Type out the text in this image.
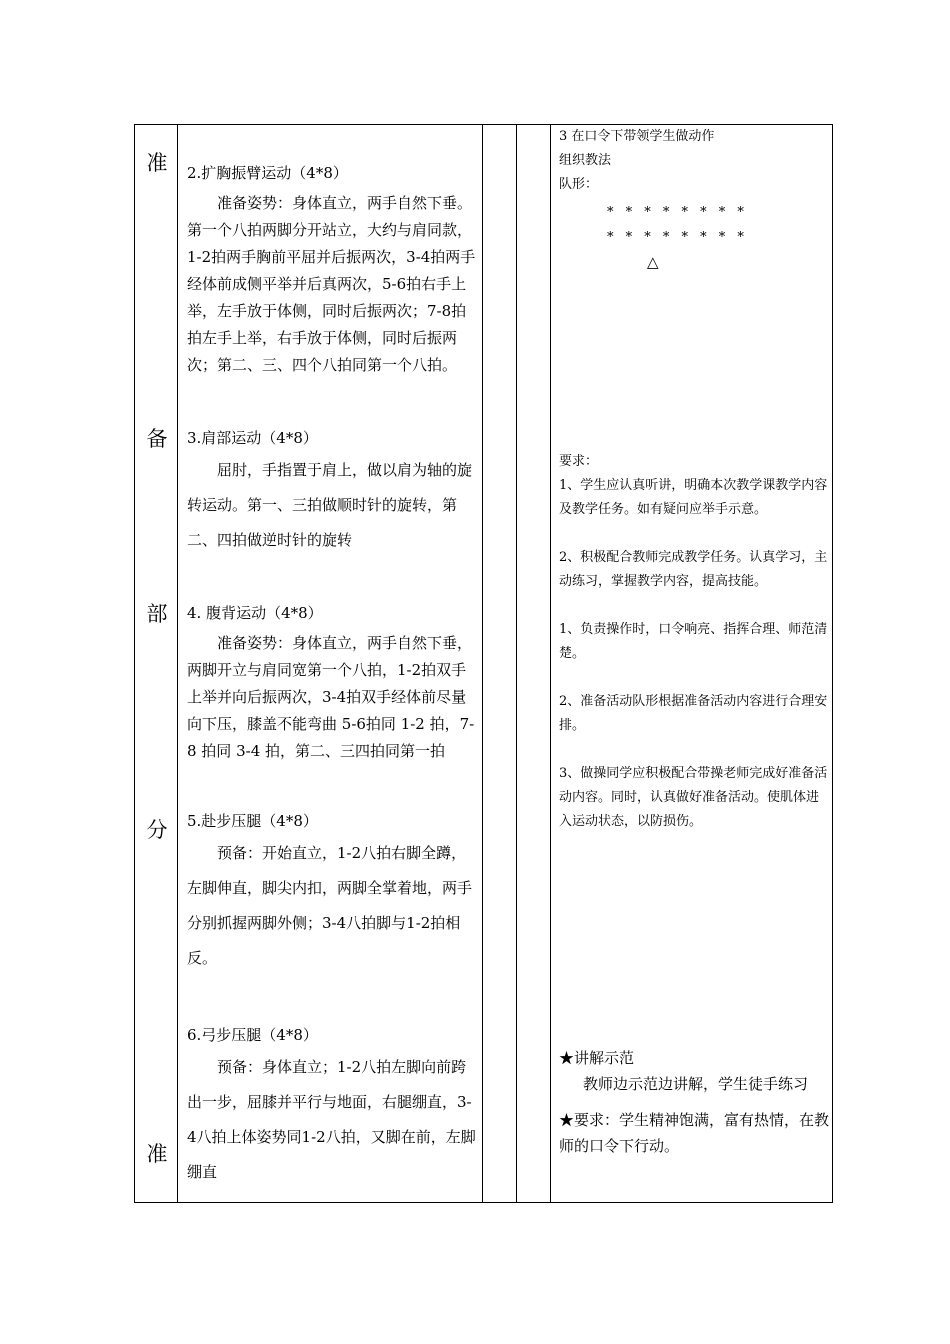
准
备
部
分
准

2.扩胸振臂运动（4*8）

准备姿势：身体直立，两手自然下垂。第一个八拍两脚分开站立，大约与肩同款，1-2拍两手胸前平屈并后振两次，3-4拍两手经体前成侧平举并后真两次，5-6拍右手上举，左手放于体侧，同时后振两次；7-8拍拍左手上举，右手放于体侧，同时后振两次；第二、三、四个八拍同第一个八拍。

3.肩部运动（4*8）

屈肘，手指置于肩上，做以肩为轴的旋转运动。第一、三拍做顺时针的旋转，第二、四拍做逆时针的旋转

4. 腹背运动（4*8）

准备姿势：身体直立，两手自然下垂，两脚开立与肩同宽第一个八拍，1-2拍双手上举并向后振两次，3-4拍双手经体前尽量向下压，膝盖不能弯曲 5-6拍同 1-2 拍，7-8 拍同 3-4 拍，第二、三四拍同第一拍

5.赴步压腿（4*8）

预备：开始直立，1-2八拍右脚全蹲，左脚伸直，脚尖内扣，两脚全掌着地，两手分别抓握两脚外侧；3-4八拍脚与1-2拍相反。

6.弓步压腿（4*8）

预备：身体直立；1-2八拍左脚向前跨出一步，屈膝并平行与地面，右腿绷直，3-4八拍上体姿势同1-2八拍，又脚在前，左脚绷直

3 在口令下带领学生做动作

组织教法

队形：

* * * * * * * *
* * * * * * * *
△

要求：

1、学生应认真听讲，明确本次教学课教学内容及教学任务。如有疑问应举手示意。

2、积极配合教师完成教学任务。认真学习，主动练习，掌握教学内容，提高技能。

1、负责操作时，口令响亮、指挥合理、师范清楚。

2、准备活动队形根据准备活动内容进行合理安排。

3、做操同学应积极配合带操老师完成好准备活动内容。同时，认真做好准备活动。使肌体进入运动状态，以防损伤。

★讲解示范

教师边示范边讲解，学生徒手练习

★要求：学生精神饱满，富有热情，在教师的口令下行动。
